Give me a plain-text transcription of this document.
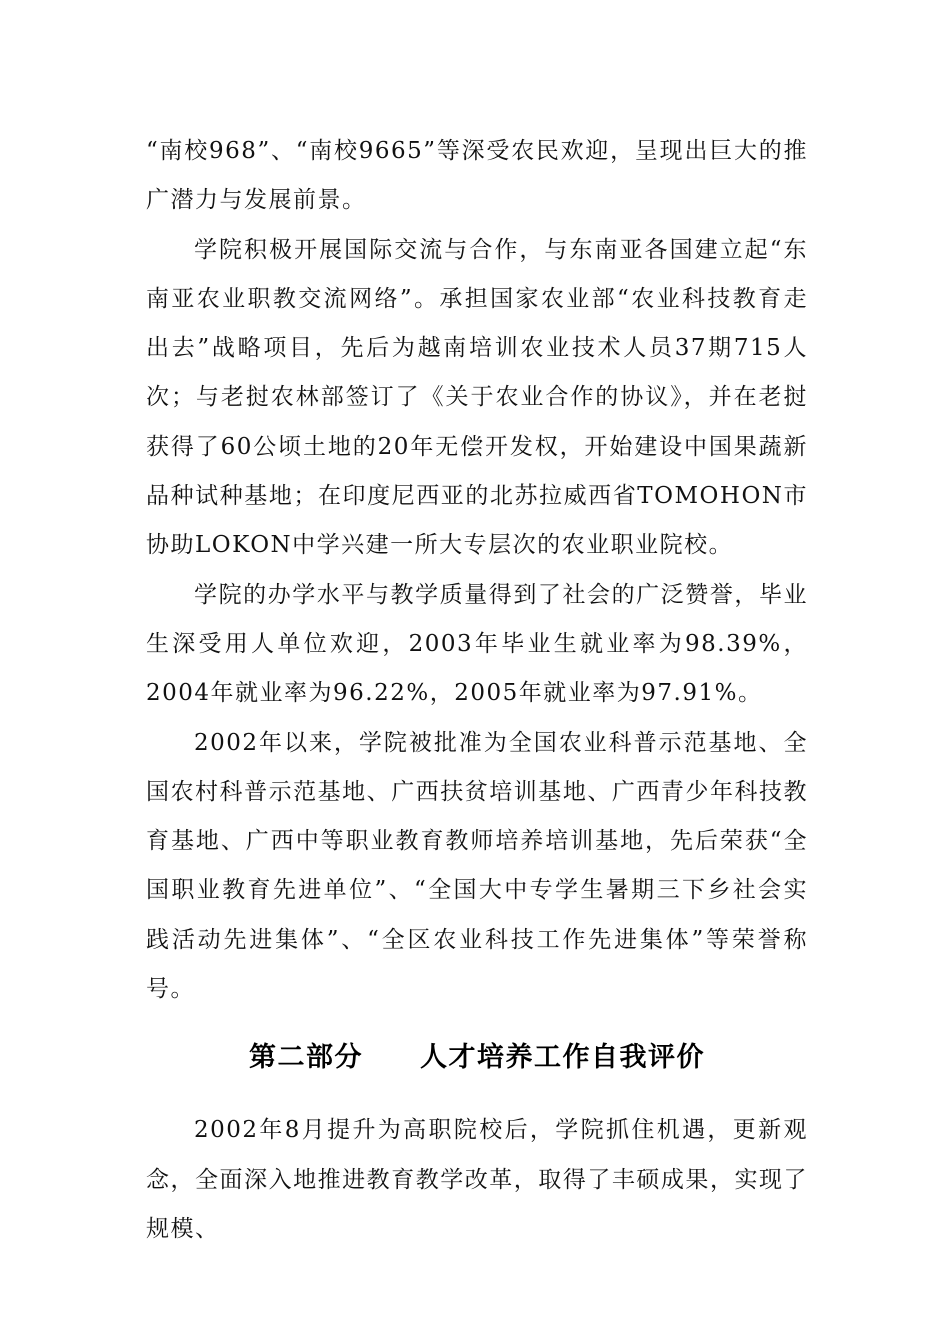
“南校968”、“南校9665”等深受农民欢迎，呈现出巨大的推广潜力与发展前景。

学院积极开展国际交流与合作，与东南亚各国建立起“东南亚农业职教交流网络”。承担国家农业部“农业科技教育走出去”战略项目，先后为越南培训农业技术人员37期715人次；与老挝农林部签订了《关于农业合作的协议》，并在老挝获得了60公顷土地的20年无偿开发权，开始建设中国果蔬新品种试种基地；在印度尼西亚的北苏拉威西省TOMOHON市协助LOKON中学兴建一所大专层次的农业职业院校。

学院的办学水平与教学质量得到了社会的广泛赞誉，毕业生深受用人单位欢迎，2003年毕业生就业率为98.39%，2004年就业率为96.22%，2005年就业率为97.91%。

2002年以来，学院被批准为全国农业科普示范基地、全国农村科普示范基地、广西扶贫培训基地、广西青少年科技教育基地、广西中等职业教育教师培养培训基地，先后荣获“全国职业教育先进单位”、“全国大中专学生暑期三下乡社会实践活动先进集体”、“全区农业科技工作先进集体”等荣誉称号。

第二部分　　人才培养工作自我评价

2002年8月提升为高职院校后，学院抓住机遇，更新观念，全面深入地推进教育教学改革，取得了丰硕成果，实现了规模、
